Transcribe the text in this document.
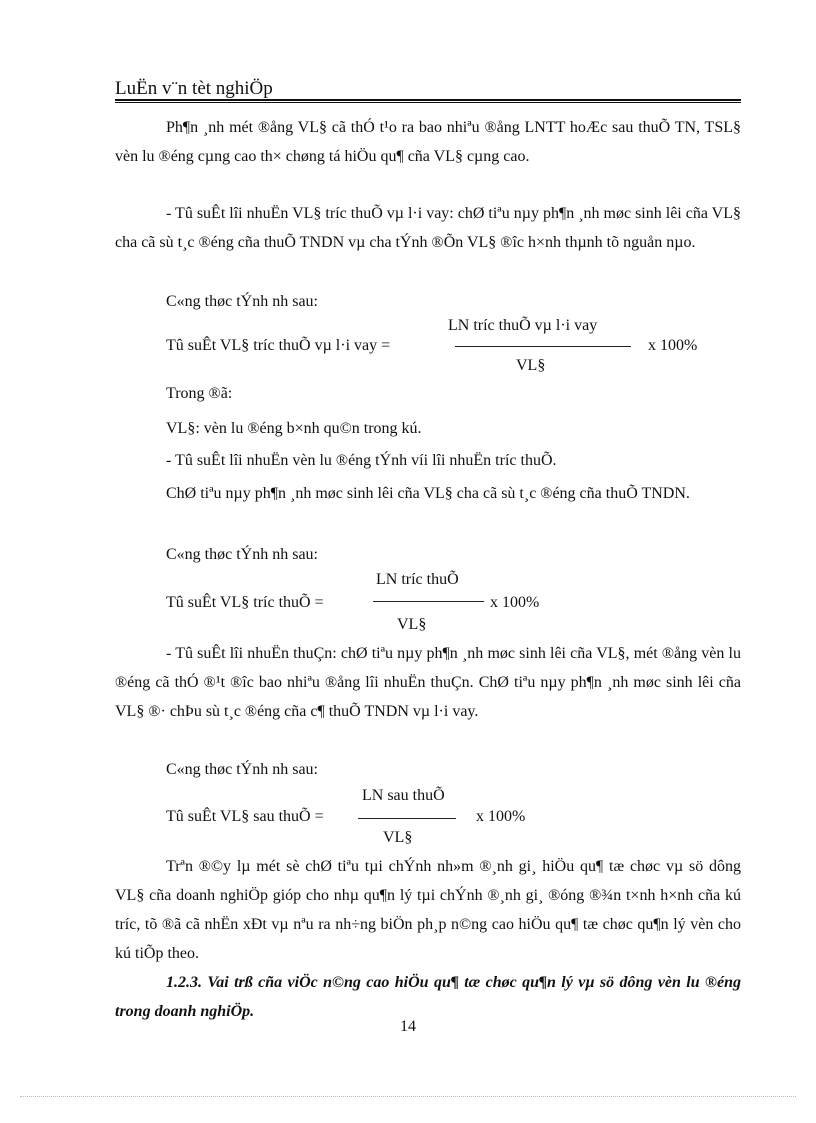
LuËn v¨n tèt nghiÖp

Ph¶n ¸nh mét ®ång VL§ cã thÓ t¹o ra bao nhiªu ®ång LNTT hoÆc sau thuÕ TN, TSL§ vèn lu ®éng cµng cao th× chøng tá hiÖu qu¶ cña VL§ cµng cao.

- Tû suÊt lîi nhuËn VL§ tríc thuÕ vµ l·i vay: chØ tiªu nµy ph¶n ¸nh møc sinh lêi cña VL§ cha cã sù t¸c ®éng cña thuÕ TNDN vµ cha tÝnh ®Õn VL§ ®îc h×nh thµnh tõ nguån nµo.

C«ng thøc tÝnh nh sau:
LN tríc thuÕ vµ l·i vay
Tû suÊt VL§ tríc thuÕ vµ l·i vay =	x 100%
VL§
Trong ®ã:
VL§: vèn lu ®éng b×nh qu©n trong kú.
- Tû suÊt lîi nhuËn vèn lu ®éng tÝnh víi lîi nhuËn tríc thuÕ.

ChØ tiªu nµy ph¶n ¸nh møc sinh lêi cña VL§ cha cã sù t¸c ®éng cña thuÕ TNDN.

C«ng thøc tÝnh nh sau:
LN tríc thuÕ
Tû suÊt VL§ tríc thuÕ =	x 100%
VL§

- Tû suÊt lîi nhuËn thuÇn: chØ tiªu nµy ph¶n ¸nh møc sinh lêi cña VL§, mét ®ång vèn lu ®éng cã thÓ ®¹t ®îc bao nhiªu ®ång lîi nhuËn thuÇn. ChØ tiªu nµy ph¶n ¸nh møc sinh lêi cña VL§ ®· chÞu sù t¸c ®éng cña c¶ thuÕ TNDN vµ l·i vay.

C«ng thøc tÝnh nh sau:
LN sau thuÕ
Tû suÊt VL§ sau thuÕ =	x 100%
VL§

Trªn ®©y lµ mét sè chØ tiªu tµi chÝnh nh»m ®¸nh gi¸ hiÖu qu¶ tæ chøc vµ sö dông VL§ cña doanh nghiÖp gióp cho nhµ qu¶n lý tµi chÝnh ®¸nh gi¸ ®óng ®¾n t×nh h×nh cña kú tríc, tõ ®ã cã nhËn xÐt vµ nªu ra nh÷ng biÖn ph¸p n©ng cao hiÖu qu¶ tæ chøc qu¶n lý vèn cho kú tiÕp theo.

1.2.3. Vai trß cña viÖc n©ng cao hiÖu qu¶ tæ chøc qu¶n lý vµ sö dông vèn lu ®éng trong doanh nghiÖp.
14
